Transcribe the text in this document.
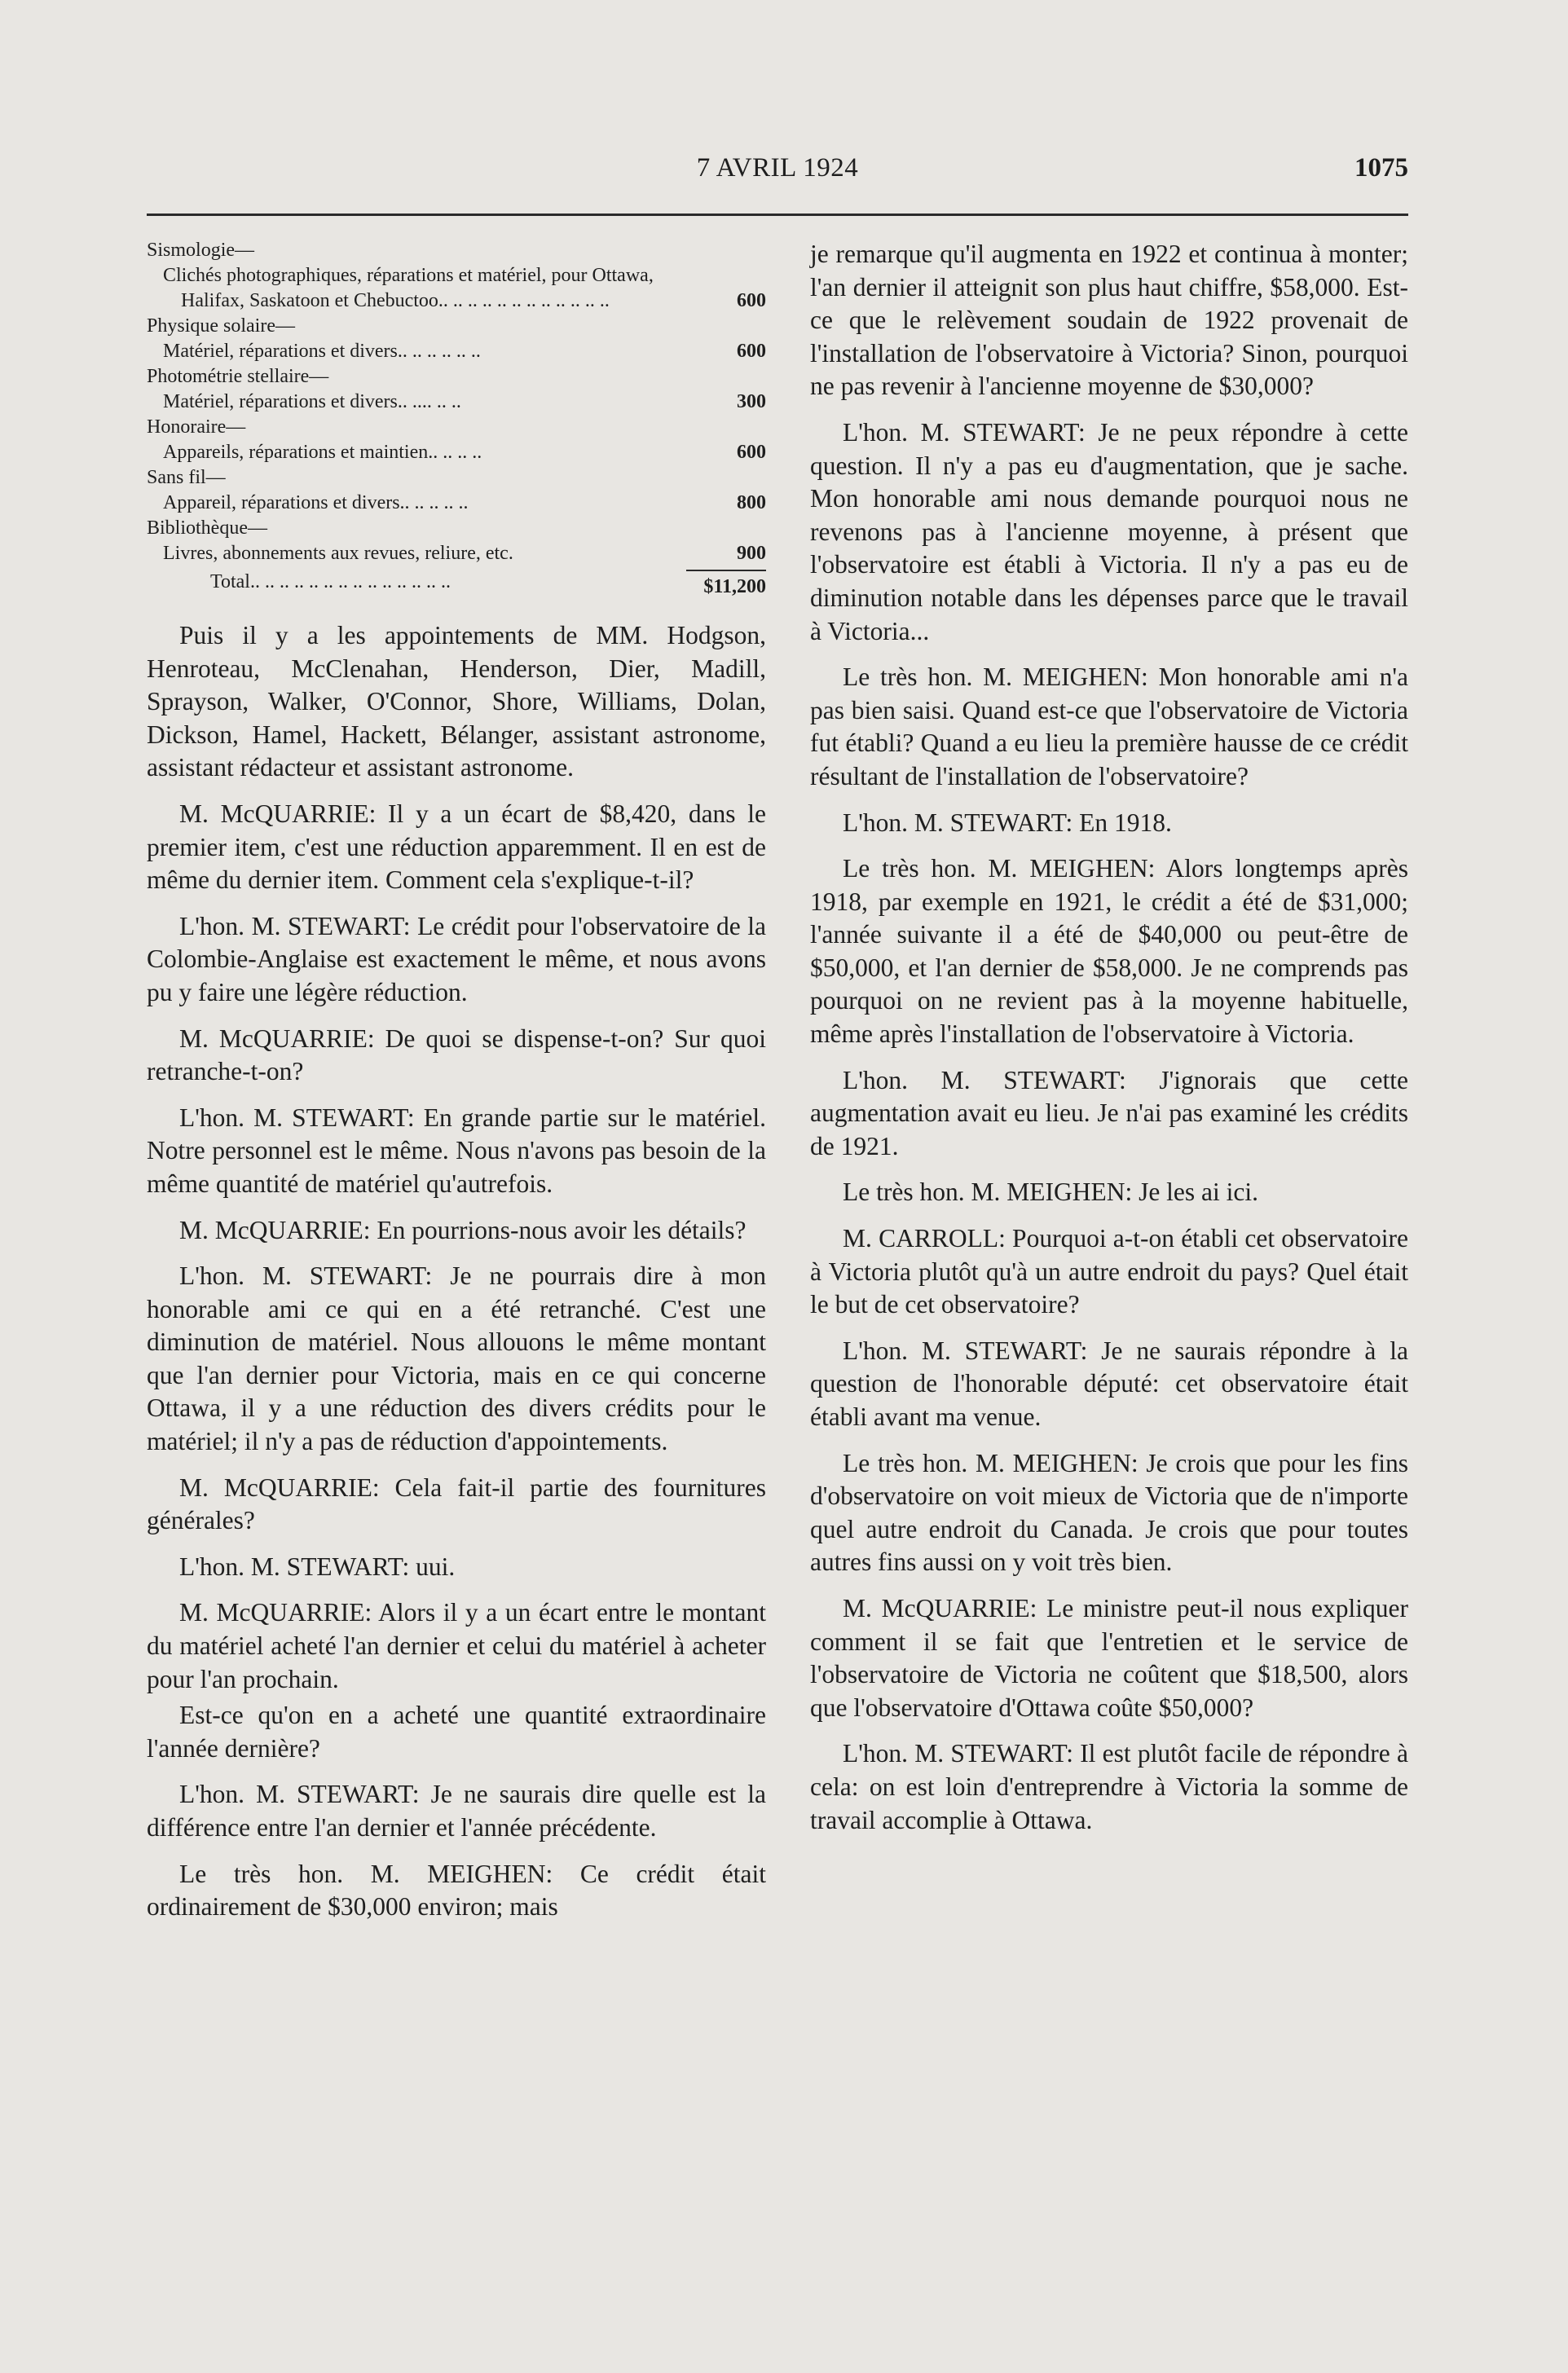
7 AVRIL 1924	1075
Sismologie—
Clichés photographiques, réparations et matériel, pour Ottawa, Halifax, Saskatoon et Chebuctoo.. .. .. .. .. .. .. .. .. .. .. ..	600
Physique solaire—
Matériel, réparations et divers.. .. .. .. .. ..	600
Photométrie stellaire—
Matériel, réparations et divers.. .... .. ..	300
Honoraire—
Appareils, réparations et maintien.. .. .. ..	600
Sans fil—
Appareil, réparations et divers.. .. .. .. ..	800
Bibliothèque—
Livres, abonnements aux revues, reliure, etc.	900
Total.. .. .. .. .. .. .. .. .. .. .. .. .. ..	$11,200

Puis il y a les appointements de MM. Hodgson, Henroteau, McClenahan, Henderson, Dier, Madill, Sprayson, Walker, O'Connor, Shore, Williams, Dolan, Dickson, Hamel, Hackett, Bélanger, assistant astronome, assistant rédacteur et assistant astronome.

M. McQUARRIE: Il y a un écart de $8,420, dans le premier item, c'est une réduction apparemment. Il en est de même du dernier item. Comment cela s'explique-t-il?

L'hon. M. STEWART: Le crédit pour l'observatoire de la Colombie-Anglaise est exactement le même, et nous avons pu y faire une légère réduction.

M. McQUARRIE: De quoi se dispense-t-on? Sur quoi retranche-t-on?

L'hon. M. STEWART: En grande partie sur le matériel. Notre personnel est le même. Nous n'avons pas besoin de la même quantité de matériel qu'autrefois.

M. McQUARRIE: En pourrions-nous avoir les détails?

L'hon. M. STEWART: Je ne pourrais dire à mon honorable ami ce qui en a été retranché. C'est une diminution de matériel. Nous allouons le même montant que l'an dernier pour Victoria, mais en ce qui concerne Ottawa, il y a une réduction des divers crédits pour le matériel; il n'y a pas de réduction d'appointements.

M. McQUARRIE: Cela fait-il partie des fournitures générales?

L'hon. M. STEWART: uui.

M. McQUARRIE: Alors il y a un écart entre le montant du matériel acheté l'an dernier et celui du matériel à acheter pour l'an prochain.

Est-ce qu'on en a acheté une quantité extraordinaire l'année dernière?

L'hon. M. STEWART: Je ne saurais dire quelle est la différence entre l'an dernier et l'année précédente.

Le très hon. M. MEIGHEN: Ce crédit était ordinairement de $30,000 environ; mais

je remarque qu'il augmenta en 1922 et continua à monter; l'an dernier il atteignit son plus haut chiffre, $58,000. Est-ce que le relèvement soudain de 1922 provenait de l'installation de l'observatoire à Victoria? Sinon, pourquoi ne pas revenir à l'ancienne moyenne de $30,000?

L'hon. M. STEWART: Je ne peux répondre à cette question. Il n'y a pas eu d'augmentation, que je sache. Mon honorable ami nous demande pourquoi nous ne revenons pas à l'ancienne moyenne, à présent que l'observatoire est établi à Victoria. Il n'y a pas eu de diminution notable dans les dépenses parce que le travail à Victoria...

Le très hon. M. MEIGHEN: Mon honorable ami n'a pas bien saisi. Quand est-ce que l'observatoire de Victoria fut établi? Quand a eu lieu la première hausse de ce crédit résultant de l'installation de l'observatoire?

L'hon. M. STEWART: En 1918.

Le très hon. M. MEIGHEN: Alors longtemps après 1918, par exemple en 1921, le crédit a été de $31,000; l'année suivante il a été de $40,000 ou peut-être de $50,000, et l'an dernier de $58,000. Je ne comprends pas pourquoi on ne revient pas à la moyenne habituelle, même après l'installation de l'observatoire à Victoria.

L'hon. M. STEWART: J'ignorais que cette augmentation avait eu lieu. Je n'ai pas examiné les crédits de 1921.

Le très hon. M. MEIGHEN: Je les ai ici.

M. CARROLL: Pourquoi a-t-on établi cet observatoire à Victoria plutôt qu'à un autre endroit du pays? Quel était le but de cet observatoire?

L'hon. M. STEWART: Je ne saurais répondre à la question de l'honorable député: cet observatoire était établi avant ma venue.

Le très hon. M. MEIGHEN: Je crois que pour les fins d'observatoire on voit mieux de Victoria que de n'importe quel autre endroit du Canada. Je crois que pour toutes autres fins aussi on y voit très bien.

M. McQUARRIE: Le ministre peut-il nous expliquer comment il se fait que l'entretien et le service de l'observatoire de Victoria ne coûtent que $18,500, alors que l'observatoire d'Ottawa coûte $50,000?

L'hon. M. STEWART: Il est plutôt facile de répondre à cela: on est loin d'entreprendre à Victoria la somme de travail accomplie à Ottawa.
